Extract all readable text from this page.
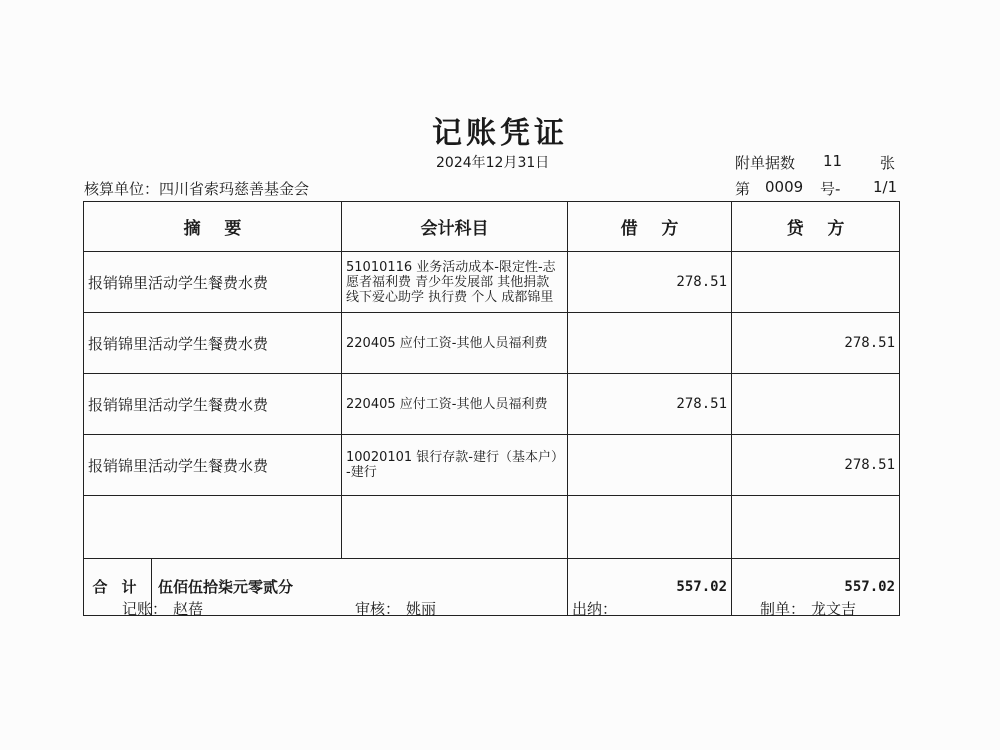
记账凭证
2024年12月31日	附单据数 11	张
核算单位：四川省索玛慈善基金会	第 0009 号- 1/1
摘    要	会计科目	借    方	贷    方
报销锦里活动学生餐费水费	51010116 业务活动成本-限定性-志愿者福利费 青少年发展部 其他捐款 线下爱心助学 执行费 个人 成都锦里	278.51	
报销锦里活动学生餐费水费	220405 应付工资-其他人员福利费		278.51
报销锦里活动学生餐费水费	220405 应付工资-其他人员福利费	278.51	
报销锦里活动学生餐费水费	10020101 银行存款-建行（基本户）-建行		278.51

合计 伍佰伍拾柒元零贰分		557.02	557.02
记账： 赵蓓	审核： 姚丽	出纳：	制单： 龙文吉
